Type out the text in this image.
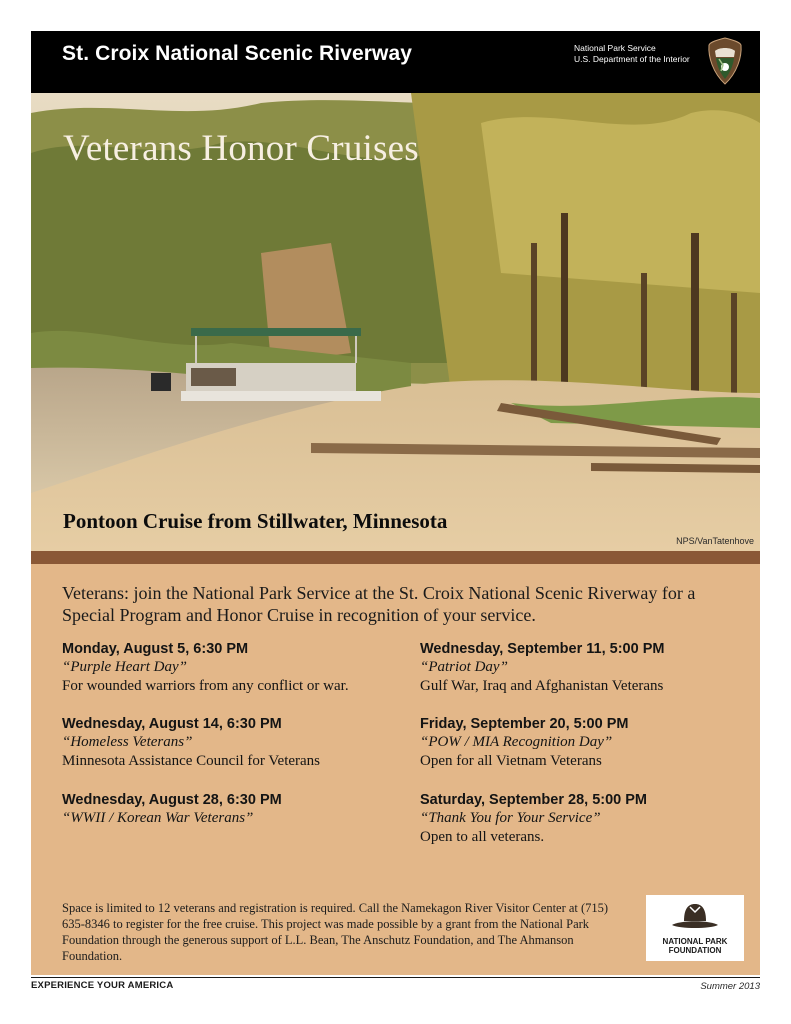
St. Croix National Scenic Riverway	National Park Service
U.S. Department of the Interior
Veterans Honor Cruises
Pontoon Cruise from Stillwater, Minnesota
NPS/VanTatenhove
Veterans: join the National Park Service at the St. Croix National Scenic Riverway for a Special Program and Honor Cruise in recognition of your service.
Monday, August 5, 6:30 PM
“Purple Heart Day”
For wounded warriors from any conflict or war.
Wednesday, August 14, 6:30 PM
“Homeless Veterans”
Minnesota Assistance Council for Veterans
Wednesday, August 28, 6:30 PM
“WWII / Korean War Veterans”
Wednesday, September 11, 5:00 PM
“Patriot Day”
Gulf War, Iraq and Afghanistan Veterans
Friday, September 20, 5:00 PM
“POW / MIA Recognition Day”
Open for all Vietnam Veterans
Saturday, September 28, 5:00 PM
“Thank You for Your Service”
Open to all veterans.
Space is limited to 12 veterans and registration is required. Call the Namekagon River Visitor Center at (715) 635-8346 to register for the free cruise. This project was made possible by a grant from the National Park Foundation through the generous support of L.L. Bean, The Anschutz Foundation, and The Ahmanson Foundation.
NATIONAL PARK
FOUNDATION
EXPERIENCE YOUR AMERICA	Summer 2013
